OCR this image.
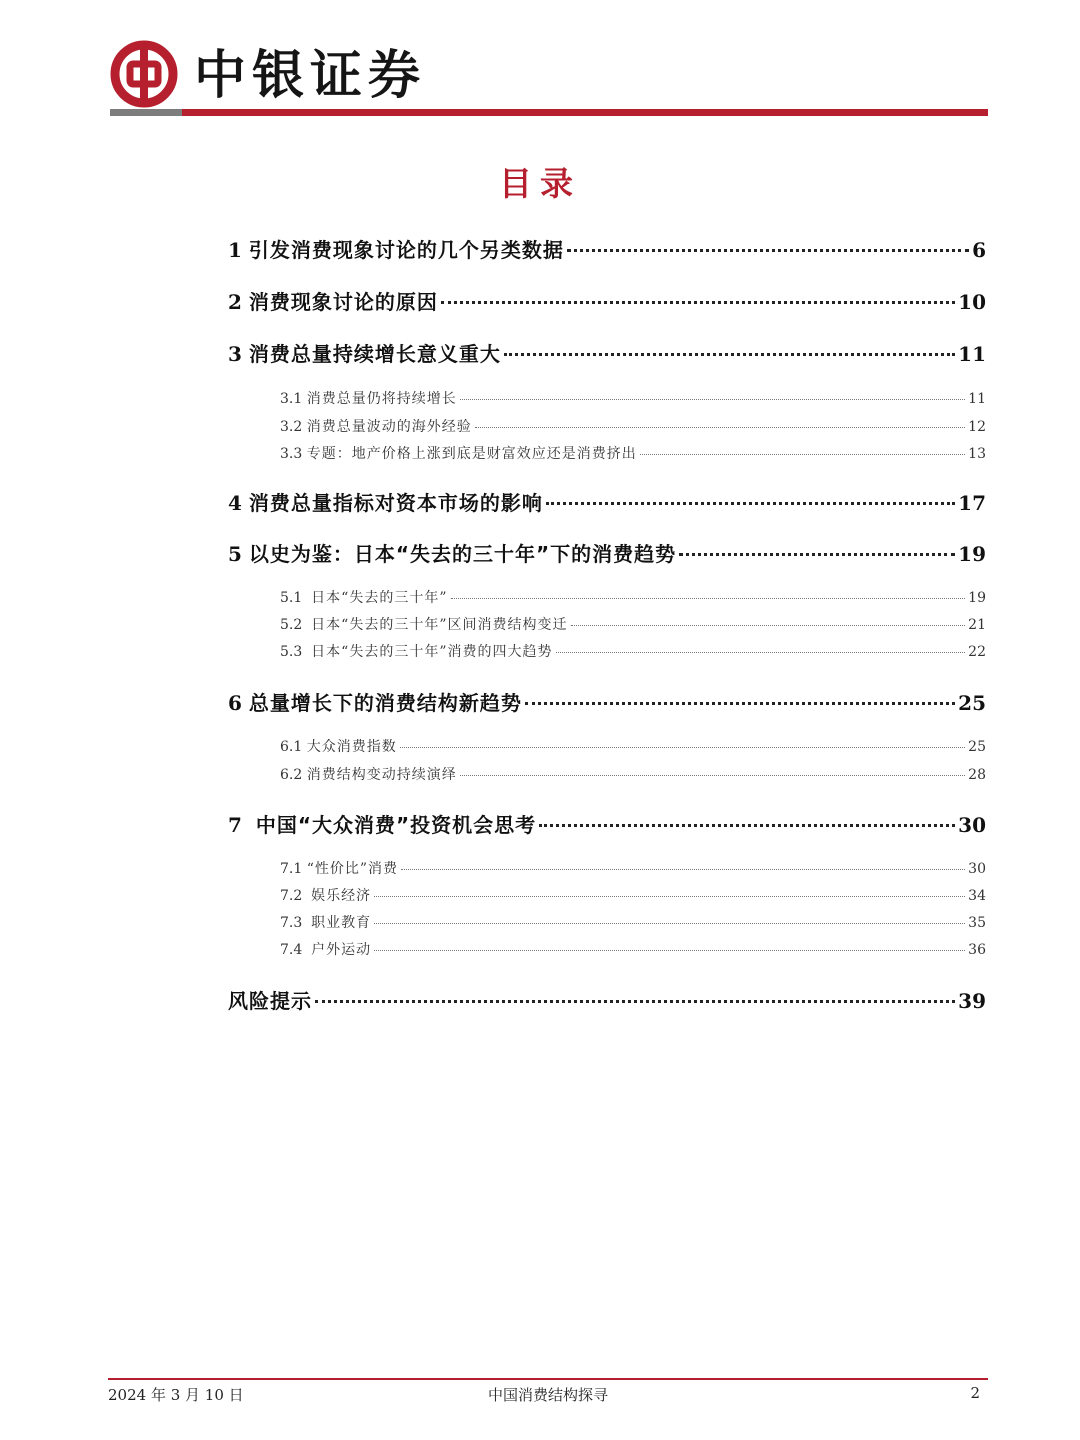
中银证券
目录
1 引发消费现象讨论的几个另类数据	6
2 消费现象讨论的原因	10
3 消费总量持续增长意义重大	11
3.1 消费总量仍将持续增长	11
3.2 消费总量波动的海外经验	12
3.3 专题：地产价格上涨到底是财富效应还是消费挤出	13
4 消费总量指标对资本市场的影响	17
5 以史为鉴：日本“失去的三十年”下的消费趋势	19
5.1 日本“失去的三十年”	19
5.2 日本“失去的三十年”区间消费结构变迁	21
5.3 日本“失去的三十年”消费的四大趋势	22
6 总量增长下的消费结构新趋势	25
6.1 大众消费指数	25
6.2 消费结构变动持续演绎	28
7 中国“大众消费”投资机会思考	30
7.1 “性价比”消费	30
7.2 娱乐经济	34
7.3 职业教育	35
7.4 户外运动	36
风险提示	39
2024 年 3 月 10 日	中国消费结构探寻	2
